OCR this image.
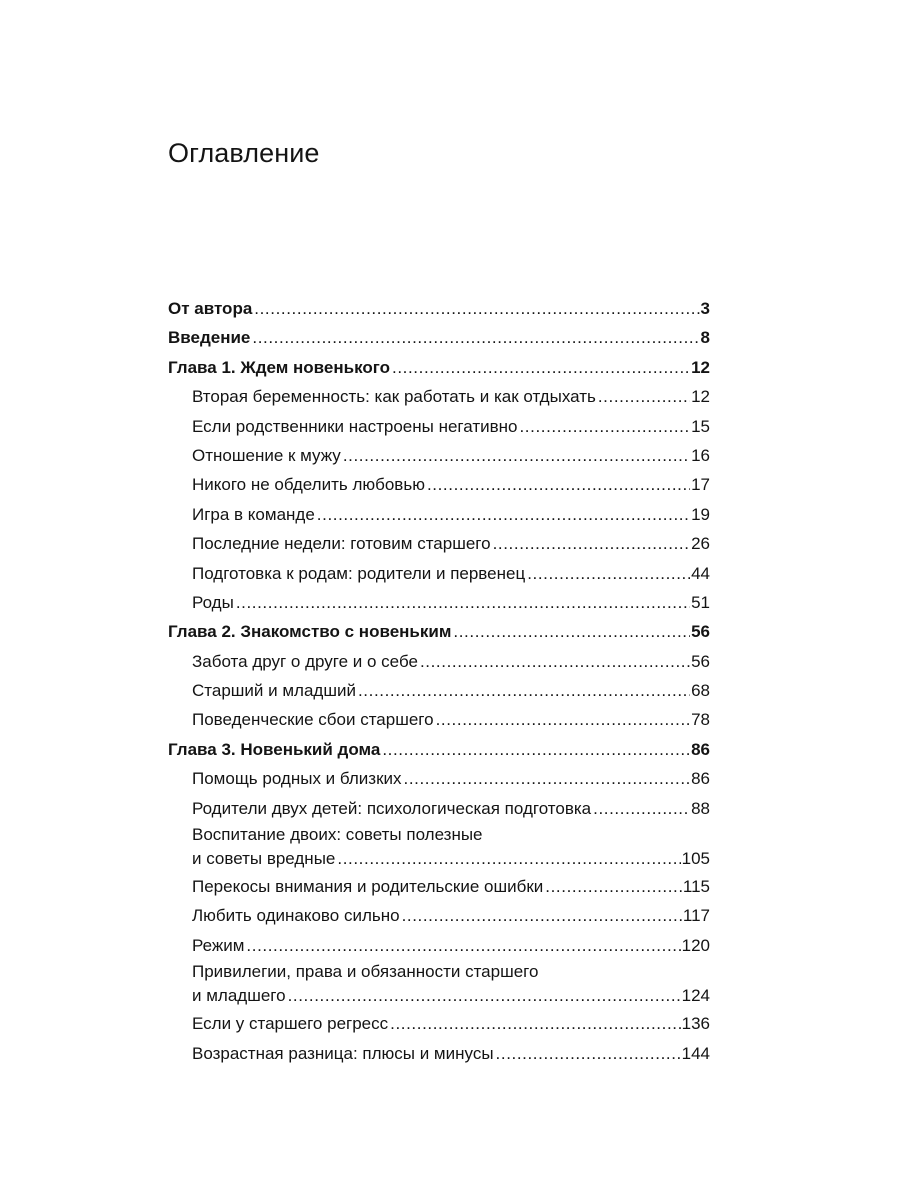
Оглавление
От автора .....	3
Введение .....	8
Глава 1. Ждем новенького .....	12
Вторая беременность: как работать и как отдыхать .....	12
Если родственники настроены негативно .....	15
Отношение к мужу .....	16
Никого не обделить любовью .....	17
Игра в команде .....	19
Последние недели: готовим старшего .....	26
Подготовка к родам: родители и первенец .....	44
Роды .....	51
Глава 2. Знакомство с новеньким .....	56
Забота друг о друге и о себе .....	56
Старший и младший .....	68
Поведенческие сбои старшего .....	78
Глава 3. Новенький дома .....	86
Помощь родных и близких .....	86
Родители двух детей: психологическая подготовка .....	88
Воспитание двоих: советы полезные
и советы вредные .....	105
Перекосы внимания и родительские ошибки .....	115
Любить одинаково сильно .....	117
Режим .....	120
Привилегии, права и обязанности старшего
и младшего .....	124
Если у старшего регресс .....	136
Возрастная разница: плюсы и минусы .....	144
